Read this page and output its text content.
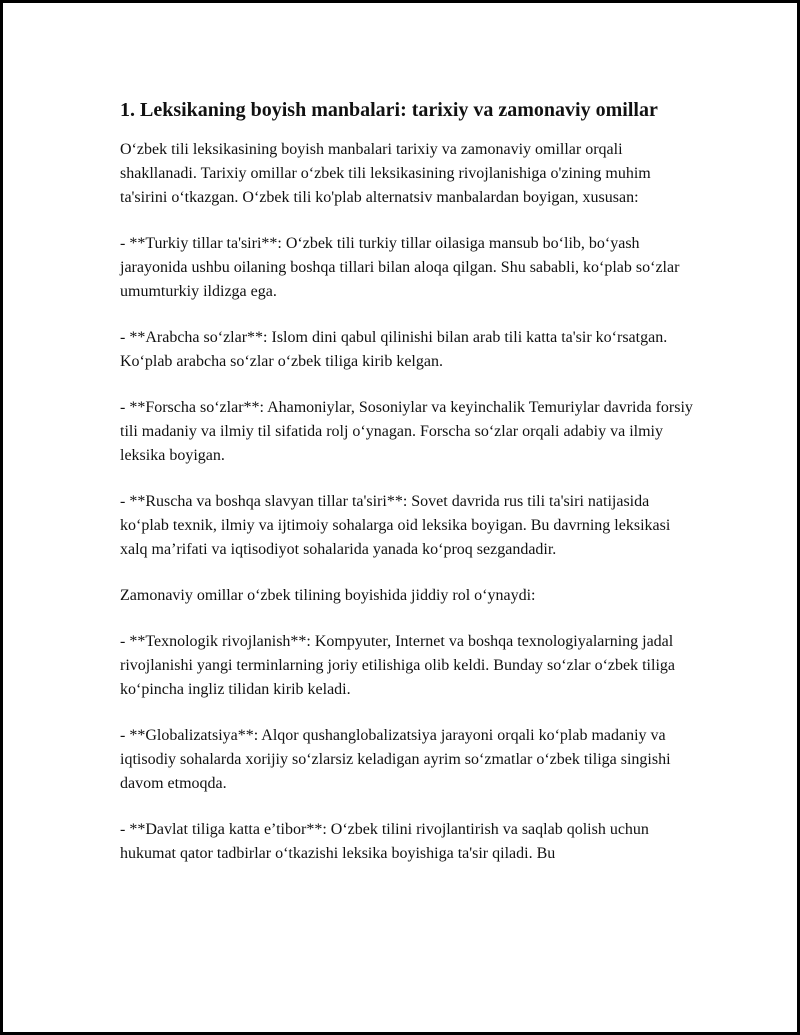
1. Leksikaning boyish manbalari: tarixiy va zamonaviy omillar

O‘zbek tili leksikasining boyish manbalari tarixiy va zamonaviy omillar orqali shakllanadi. Tarixiy omillar o‘zbek tili leksikasining rivojlanishiga o'zining muhim ta'sirini o‘tkazgan. O‘zbek tili ko'plab alternatsiv manbalardan boyigan, xususan:

- **Turkiy tillar ta'siri**: O‘zbek tili turkiy tillar oilasiga mansub bo‘lib, bo‘yash jarayonida ushbu oilaning boshqa tillari bilan aloqa qilgan. Shu sababli, ko‘plab so‘zlar umumturkiy ildizga ega.

- **Arabcha so‘zlar**: Islom dini qabul qilinishi bilan arab tili katta ta'sir ko‘rsatgan. Ko‘plab arabcha so‘zlar o‘zbek tiliga kirib kelgan.

- **Forscha so‘zlar**: Ahamoniylar, Sosoniylar va keyinchalik Temuriylar davrida forsiy tili madaniy va ilmiy til sifatida rolj o‘ynagan. Forscha so‘zlar orqali adabiy va ilmiy leksika boyigan.

- **Ruscha va boshqa slavyan tillar ta'siri**: Sovet davrida rus tili ta'siri natijasida ko‘plab texnik, ilmiy va ijtimoiy sohalarga oid leksika boyigan. Bu davrning leksikasi xalq ma’rifati va iqtisodiyot sohalarida yanada ko‘proq sezgandadir.

Zamonaviy omillar o‘zbek tilining boyishida jiddiy rol o‘ynaydi:

- **Texnologik rivojlanish**: Kompyuter, Internet va boshqa texnologiyalarning jadal rivojlanishi yangi terminlarning joriy etilishiga olib keldi. Bunday so‘zlar o‘zbek tiliga ko‘pincha ingliz tilidan kirib keladi.

- **Globalizatsiya**: Alqor qushanglobalizatsiya jarayoni orqali ko‘plab madaniy va iqtisodiy sohalarda xorijiy so‘zlarsiz keladigan ayrim so‘zmatlar o‘zbek tiliga singishi davom etmoqda.

- **Davlat tiliga katta e’tibor**: O‘zbek tilini rivojlantirish va saqlab qolish uchun hukumat qator tadbirlar o‘tkazishi leksika boyishiga ta'sir qiladi. Bu
